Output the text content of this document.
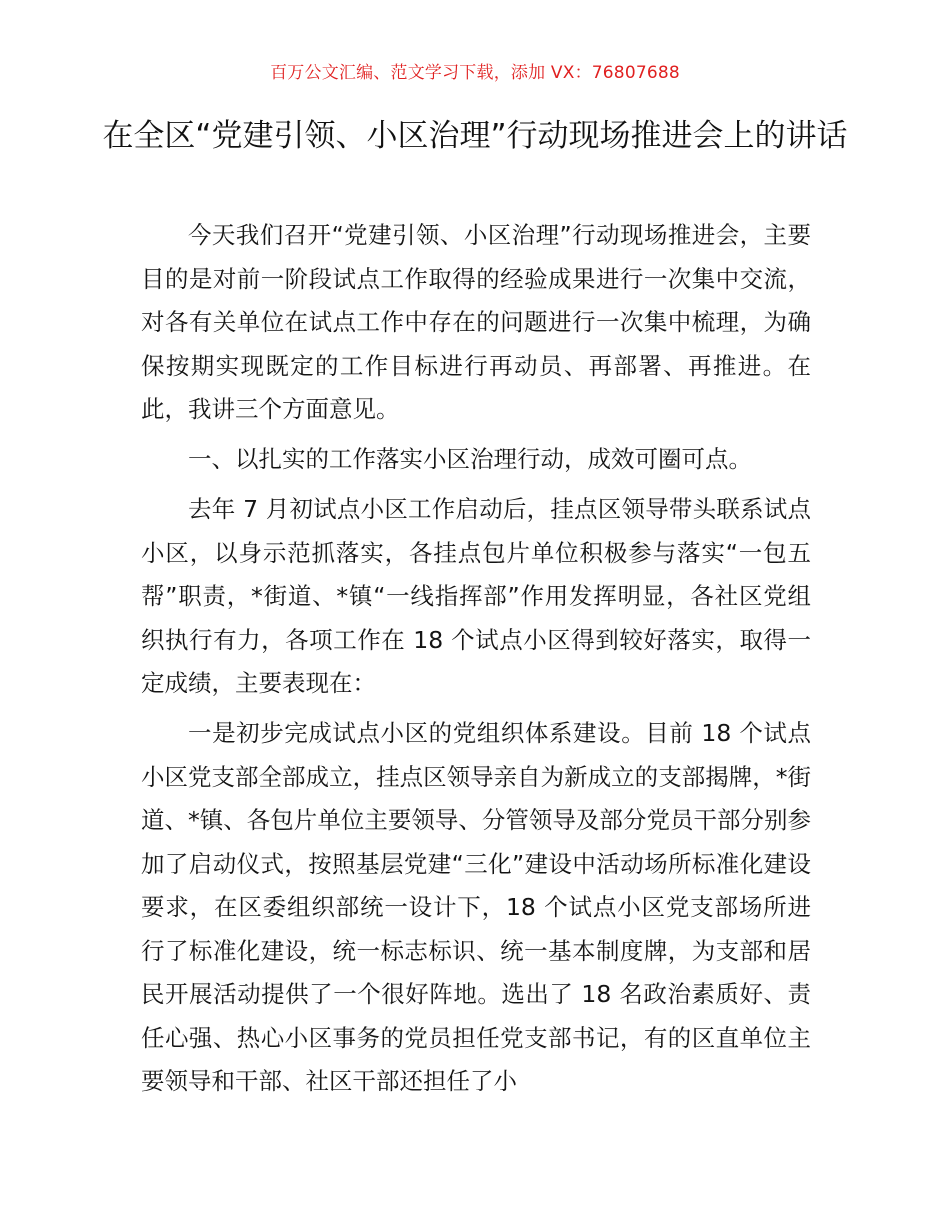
百万公文汇编、范文学习下载，添加 VX：76807688
在全区“党建引领、小区治理”行动现场推进会上的讲话

今天我们召开“党建引领、小区治理”行动现场推进会，主要目的是对前一阶段试点工作取得的经验成果进行一次集中交流，对各有关单位在试点工作中存在的问题进行一次集中梳理，为确保按期实现既定的工作目标进行再动员、再部署、再推进。在此，我讲三个方面意见。

一、以扎实的工作落实小区治理行动，成效可圈可点。

去年 7 月初试点小区工作启动后，挂点区领导带头联系试点小区，以身示范抓落实，各挂点包片单位积极参与落实“一包五帮”职责，*街道、*镇“一线指挥部”作用发挥明显，各社区党组织执行有力，各项工作在 18 个试点小区得到较好落实，取得一定成绩，主要表现在：

一是初步完成试点小区的党组织体系建设。目前 18 个试点小区党支部全部成立，挂点区领导亲自为新成立的支部揭牌，*街道、*镇、各包片单位主要领导、分管领导及部分党员干部分别参加了启动仪式，按照基层党建“三化”建设中活动场所标准化建设要求，在区委组织部统一设计下，18 个试点小区党支部场所进行了标准化建设，统一标志标识、统一基本制度牌，为支部和居民开展活动提供了一个很好阵地。选出了 18 名政治素质好、责任心强、热心小区事务的党员担任党支部书记，有的区直单位主要领导和干部、社区干部还担任了小
